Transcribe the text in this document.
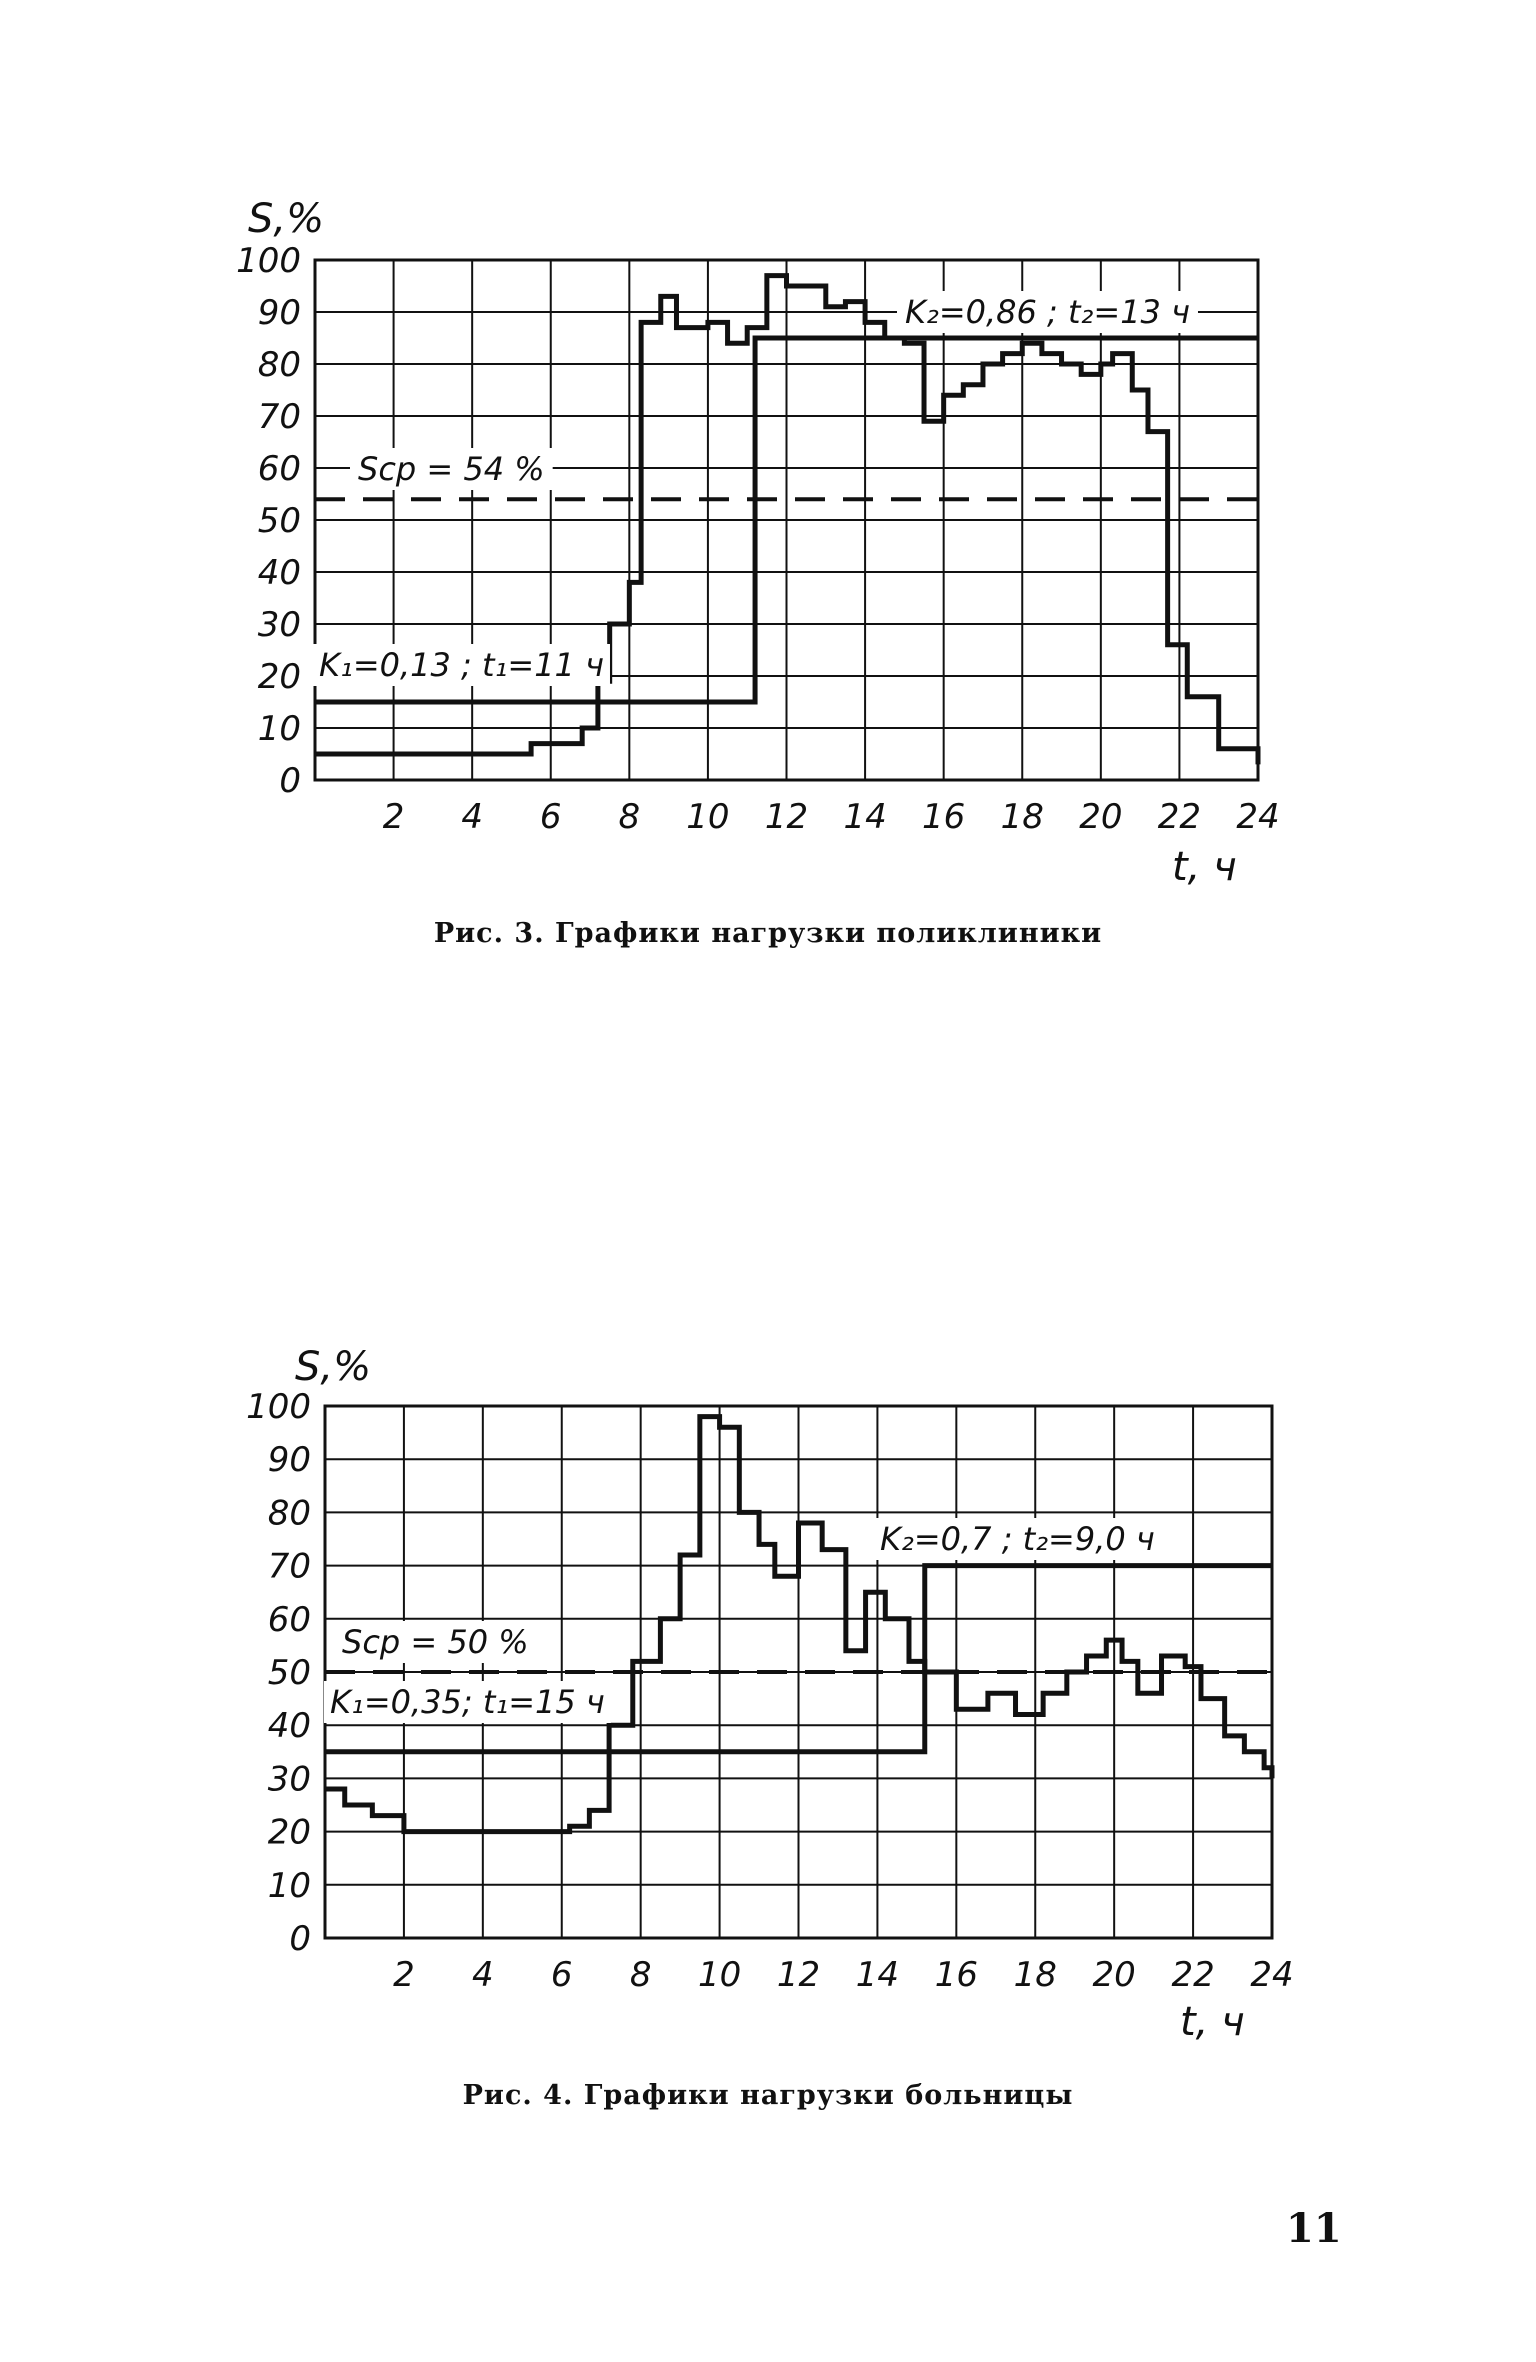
0
10
20
30
40
50
60
70
80
90
100
2 4 6 8 10 12 14 16 18 20 22 24
S,%
t, ч
K₂=0,86 ; t₂=13 ч
Sср = 54 %
K₁=0,13 ; t₁=11 ч
Рис. 3. Графики нагрузки поликлиники
0
10
20
30
40
50
60
70
80
90
100
2 4 6 8 10 12 14 16 18 20 22 24
S,%
t, ч
K₂=0,7 ; t₂=9,0 ч
Sср = 50 %
K₁=0,35; t₁=15 ч
Рис. 4. Графики нагрузки больницы
11
